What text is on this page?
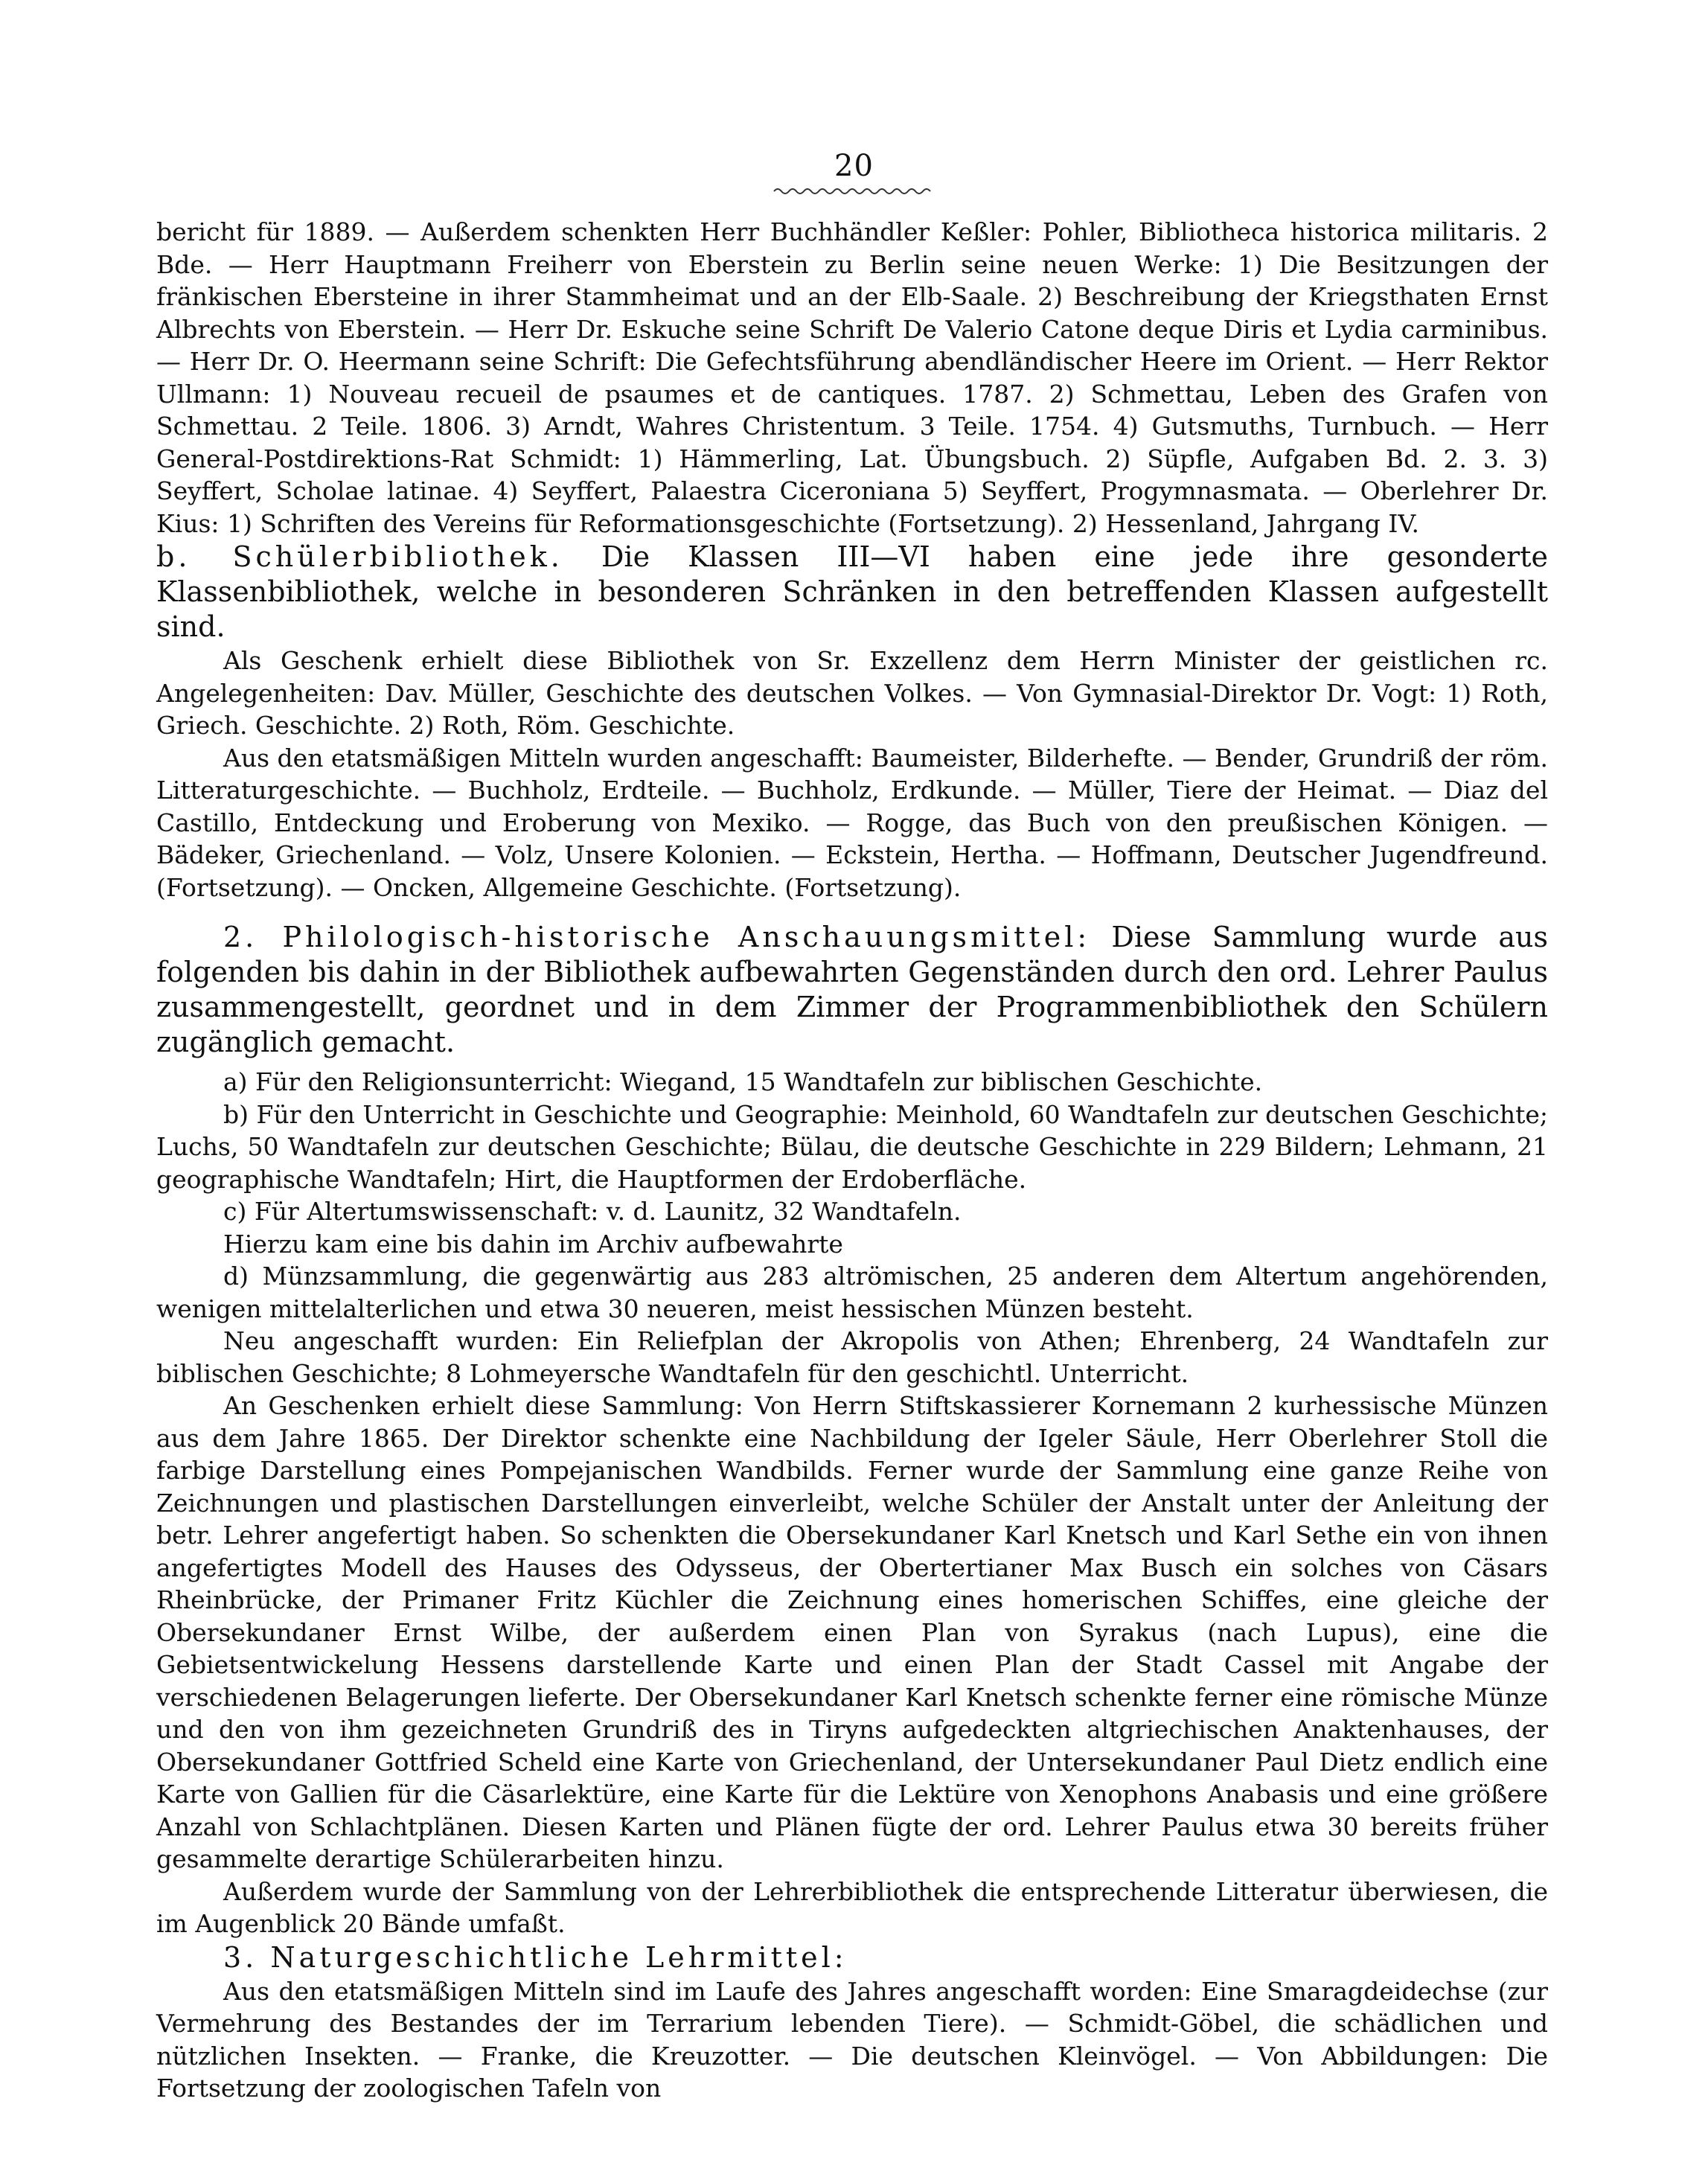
20

bericht für 1889. — Außerdem schenkten Herr Buchhändler Keßler: Pohler, Bibliotheca historica militaris. 2 Bde. — Herr Hauptmann Freiherr von Eberstein zu Berlin seine neuen Werke: 1) Die Besitzungen der fränkischen Ebersteine in ihrer Stammheimat und an der Elb-Saale. 2) Beschreibung der Kriegsthaten Ernst Albrechts von Eberstein. — Herr Dr. Eskuche seine Schrift De Valerio Catone deque Diris et Lydia carminibus. — Herr Dr. O. Heermann seine Schrift: Die Gefechtsführung abendländischer Heere im Orient. — Herr Rektor Ullmann: 1) Nouveau recueil de psaumes et de cantiques. 1787. 2) Schmettau, Leben des Grafen von Schmettau. 2 Teile. 1806. 3) Arndt, Wahres Christentum. 3 Teile. 1754. 4) Gutsmuths, Turnbuch. — Herr General-Postdirektions-Rat Schmidt: 1) Hämmerling, Lat. Übungsbuch. 2) Süpfle, Aufgaben Bd. 2. 3. 3) Seyffert, Scholae latinae. 4) Seyffert, Palaestra Ciceroniana 5) Seyffert, Progymnasmata. — Oberlehrer Dr. Kius: 1) Schriften des Vereins für Reformationsgeschichte (Fortsetzung). 2) Hessenland, Jahrgang IV.

b. Schülerbibliothek. Die Klassen III—VI haben eine jede ihre gesonderte Klassenbibliothek, welche in besonderen Schränken in den betreffenden Klassen aufgestellt sind.

Als Geschenk erhielt diese Bibliothek von Sr. Exzellenz dem Herrn Minister der geistlichen rc. Angelegenheiten: Dav. Müller, Geschichte des deutschen Volkes. — Von Gymnasial-Direktor Dr. Vogt: 1) Roth, Griech. Geschichte. 2) Roth, Röm. Geschichte.

Aus den etatsmäßigen Mitteln wurden angeschafft: Baumeister, Bilderhefte. — Bender, Grundriß der röm. Litteraturgeschichte. — Buchholz, Erdteile. — Buchholz, Erdkunde. — Müller, Tiere der Heimat. — Diaz del Castillo, Entdeckung und Eroberung von Mexiko. — Rogge, das Buch von den preußischen Königen. — Bädeker, Griechenland. — Volz, Unsere Kolonien. — Eckstein, Hertha. — Hoffmann, Deutscher Jugendfreund. (Fortsetzung). — Oncken, Allgemeine Geschichte. (Fortsetzung).

2. Philologisch-historische Anschauungsmittel: Diese Sammlung wurde aus folgenden bis dahin in der Bibliothek aufbewahrten Gegenständen durch den ord. Lehrer Paulus zusammengestellt, geordnet und in dem Zimmer der Programmenbibliothek den Schülern zugänglich gemacht.

a) Für den Religionsunterricht: Wiegand, 15 Wandtafeln zur biblischen Geschichte.

b) Für den Unterricht in Geschichte und Geographie: Meinhold, 60 Wandtafeln zur deutschen Geschichte; Luchs, 50 Wandtafeln zur deutschen Geschichte; Bülau, die deutsche Geschichte in 229 Bildern; Lehmann, 21 geographische Wandtafeln; Hirt, die Hauptformen der Erdoberfläche.

c) Für Altertumswissenschaft: v. d. Launitz, 32 Wandtafeln.

Hierzu kam eine bis dahin im Archiv aufbewahrte

d) Münzsammlung, die gegenwärtig aus 283 altrömischen, 25 anderen dem Altertum angehörenden, wenigen mittelalterlichen und etwa 30 neueren, meist hessischen Münzen besteht.

Neu angeschafft wurden: Ein Reliefplan der Akropolis von Athen; Ehrenberg, 24 Wandtafeln zur biblischen Geschichte; 8 Lohmeyersche Wandtafeln für den geschichtl. Unterricht.

An Geschenken erhielt diese Sammlung: Von Herrn Stiftskassierer Kornemann 2 kurhessische Münzen aus dem Jahre 1865. Der Direktor schenkte eine Nachbildung der Igeler Säule, Herr Oberlehrer Stoll die farbige Darstellung eines Pompejanischen Wandbilds. Ferner wurde der Sammlung eine ganze Reihe von Zeichnungen und plastischen Darstellungen einverleibt, welche Schüler der Anstalt unter der Anleitung der betr. Lehrer angefertigt haben. So schenkten die Obersekundaner Karl Knetsch und Karl Sethe ein von ihnen angefertigtes Modell des Hauses des Odysseus, der Obertertianer Max Busch ein solches von Cäsars Rheinbrücke, der Primaner Fritz Küchler die Zeichnung eines homerischen Schiffes, eine gleiche der Obersekundaner Ernst Wilbe, der außerdem einen Plan von Syrakus (nach Lupus), eine die Gebietsentwickelung Hessens darstellende Karte und einen Plan der Stadt Cassel mit Angabe der verschiedenen Belagerungen lieferte. Der Obersekundaner Karl Knetsch schenkte ferner eine römische Münze und den von ihm gezeichneten Grundriß des in Tiryns aufgedeckten altgriechischen Anaktenhauses, der Obersekundaner Gottfried Scheld eine Karte von Griechenland, der Untersekundaner Paul Dietz endlich eine Karte von Gallien für die Cäsarlektüre, eine Karte für die Lektüre von Xenophons Anabasis und eine größere Anzahl von Schlachtplänen. Diesen Karten und Plänen fügte der ord. Lehrer Paulus etwa 30 bereits früher gesammelte derartige Schülerarbeiten hinzu.

Außerdem wurde der Sammlung von der Lehrerbibliothek die entsprechende Litteratur überwiesen, die im Augenblick 20 Bände umfaßt.

3. Naturgeschichtliche Lehrmittel:

Aus den etatsmäßigen Mitteln sind im Laufe des Jahres angeschafft worden: Eine Smaragdeidechse (zur Vermehrung des Bestandes der im Terrarium lebenden Tiere). — Schmidt-Göbel, die schädlichen und nützlichen Insekten. — Franke, die Kreuzotter. — Die deutschen Kleinvögel. — Von Abbildungen: Die Fortsetzung der zoologischen Tafeln von
